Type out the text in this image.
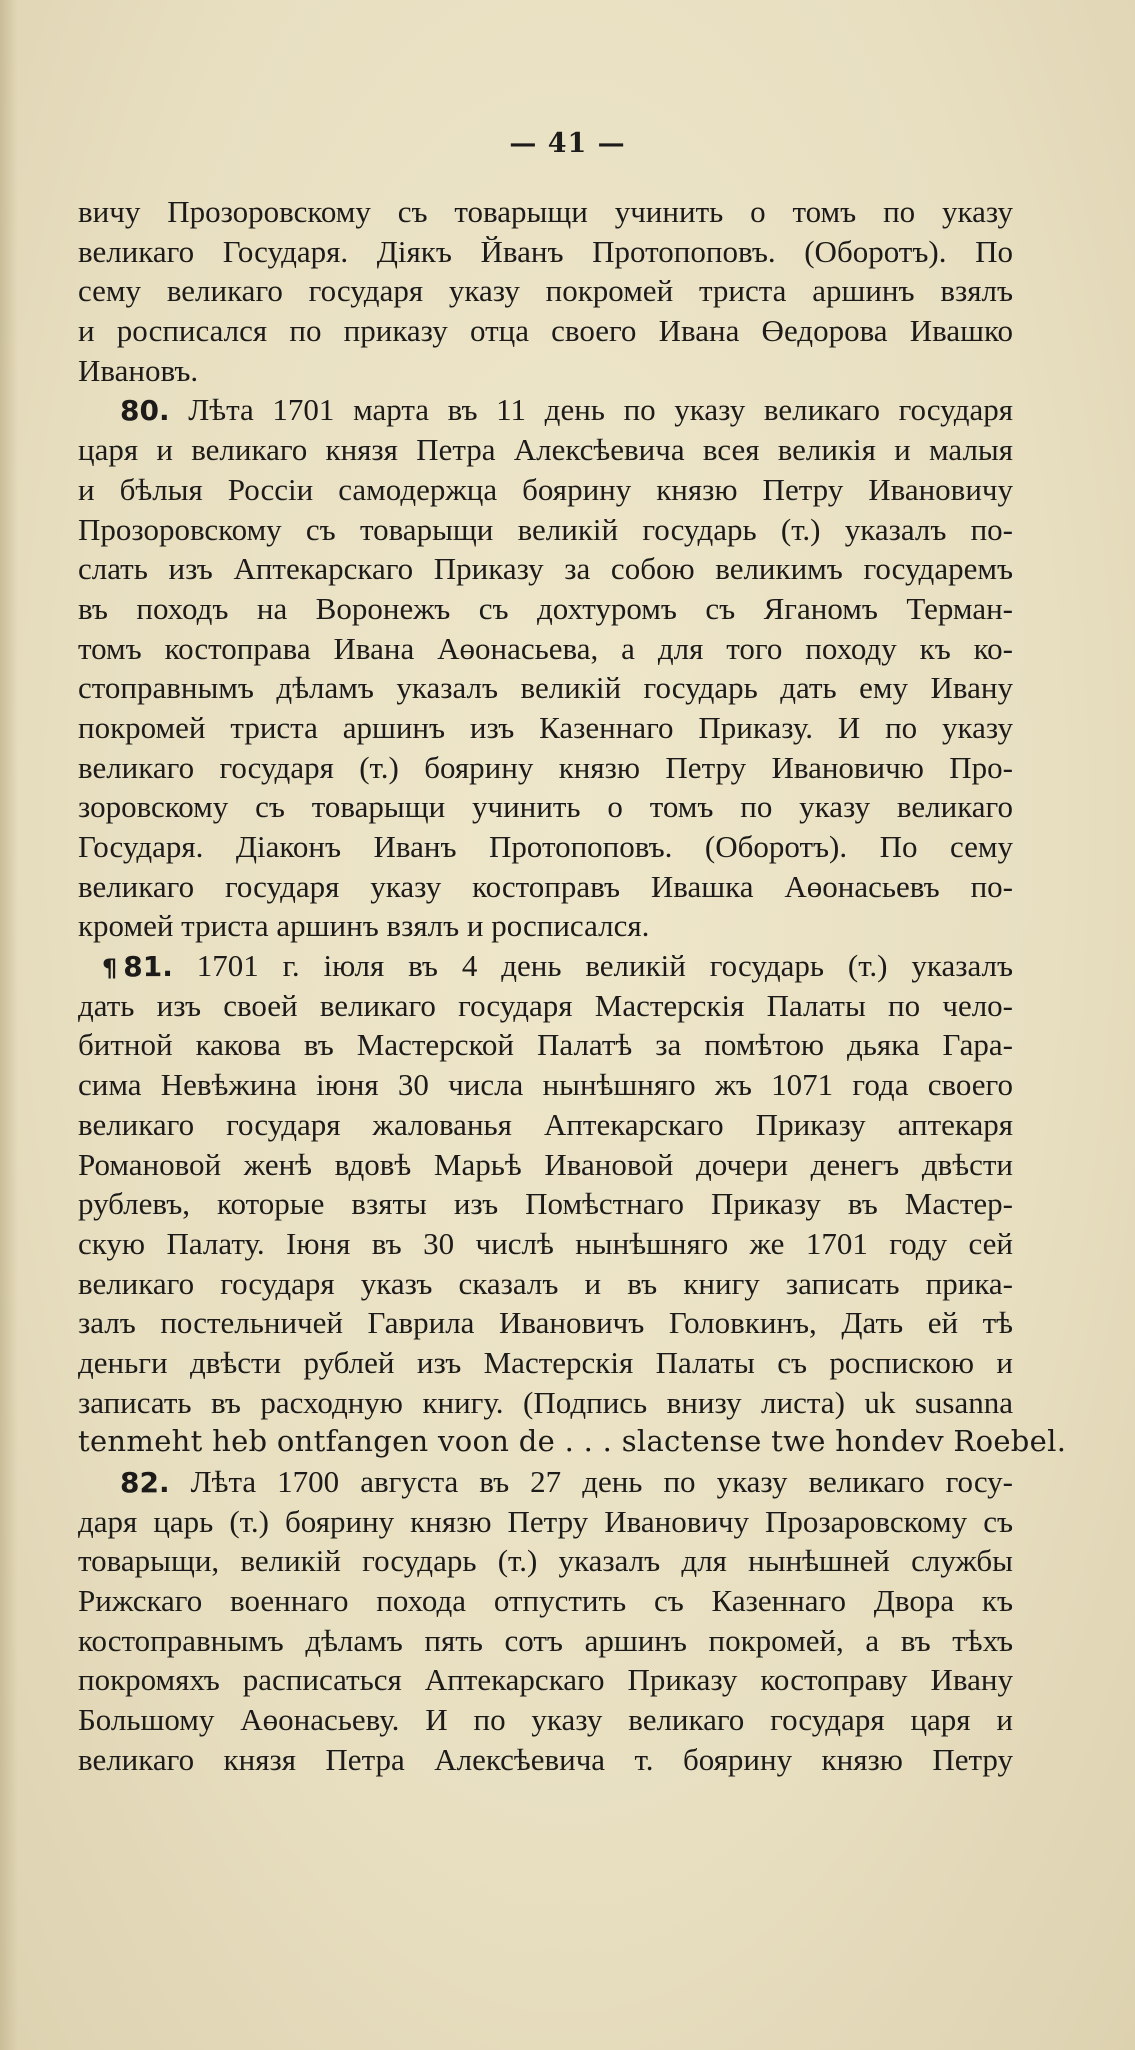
— 41 —
вичу Прозоровскому съ товарыщи учинить о томъ по указу
великаго Государя. Діякъ Йванъ Протопоповъ. (Оборотъ). По
сему великаго государя указу покромей триста аршинъ взялъ
и росписался по приказу отца своего Ивана Өедорова Ивашко
Ивановъ.
80. Лѣта 1701 марта въ 11 день по указу великаго государя
царя и великаго князя Петра Алексѣевича всея великія и малыя
и бѣлыя Россіи самодержца боярину князю Петру Ивановичу
Прозоровскому съ товарыщи великій государь (т.) указалъ по-
слать изъ Аптекарскаго Приказу за собою великимъ государемъ
въ походъ на Воронежъ съ дохтуромъ съ Яганомъ Терман-
томъ костоправа Ивана Аөонасьева, а для того походу къ ко-
стоправнымъ дѣламъ указалъ великій государь дать ему Ивану
покромей триста аршинъ изъ Казеннаго Приказу. И по указу
великаго государя (т.) боярину князю Петру Ивановичю Про-
зоровскому съ товарыщи учинить о томъ по указу великаго
Государя. Діаконъ Иванъ Протопоповъ. (Оборотъ). По сему
великаго государя указу костоправъ Ивашка Аөонасьевъ по-
кромей триста аршинъ взялъ и росписался.
¶ 81. 1701 г. іюля въ 4 день великій государь (т.) указалъ
дать изъ своей великаго государя Мастерскія Палаты по чело-
битной какова въ Мастерской Палатѣ за помѣтою дьяка Гара-
сима Невѣжина іюня 30 числа нынѣшняго жъ 1071 года своего
великаго государя жалованья Аптекарскаго Приказу аптекаря
Романовой женѣ вдовѣ Марьѣ Ивановой дочери денегъ двѣсти
рублевъ, которые взяты изъ Помѣстнаго Приказу въ Мастер-
скую Палату. Іюня въ 30 числѣ нынѣшняго же 1701 году сей
великаго государя указъ сказалъ и въ книгу записать прика-
залъ постельничей Гаврила Ивановичъ Головкинъ, Дать ей тѣ
деньги двѣсти рублей изъ Мастерскія Палаты съ роспискою и
записать въ расходную книгу. (Подпись внизу листа) uk susanna
tenmeht heb ontfangen voon de . . . slactense twe hondev Roebel.
82. Лѣта 1700 августа въ 27 день по указу великаго госу-
даря царь (т.) боярину князю Петру Ивановичу Прозаровскому съ
товарыщи, великій государь (т.) указалъ для нынѣшней службы
Рижскаго военнаго похода отпустить съ Казеннаго Двора къ
костоправнымъ дѣламъ пять сотъ аршинъ покромей, а въ тѣхъ
покромяхъ расписаться Аптекарскаго Приказу костоправу Ивану
Большому Аөонасьеву. И по указу великаго государя царя и
великаго князя Петра Алексѣевича т. боярину князю Петру
